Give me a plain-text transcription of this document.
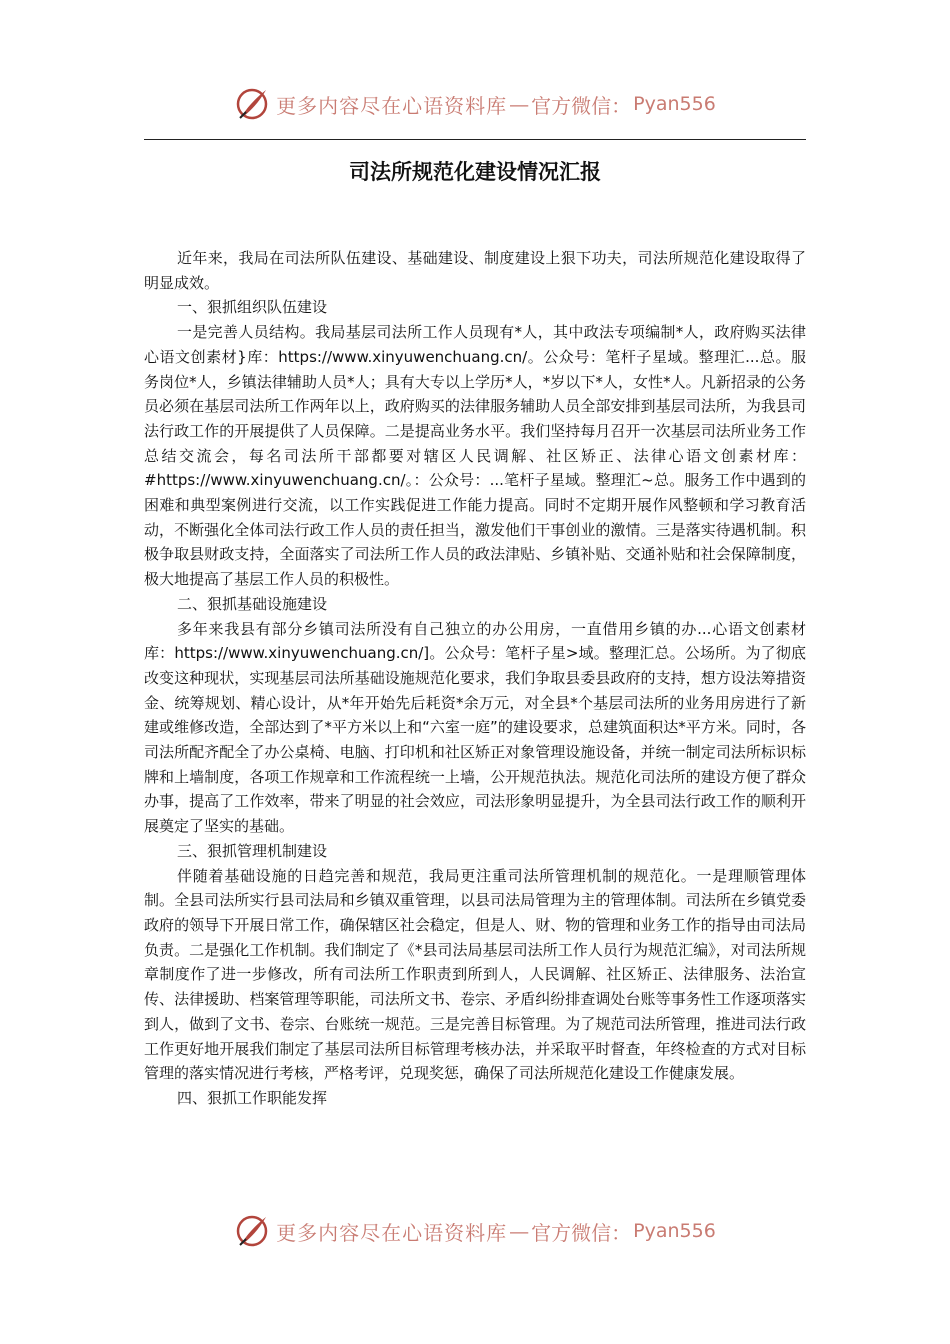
更多内容尽在心语资料库 — 官方微信： Pyan556
司法所规范化建设情况汇报

近年来，我局在司法所队伍建设、基础建设、制度建设上狠下功夫，司法所规范化建设取得了明显成效。

一、狠抓组织队伍建设

一是完善人员结构。我局基层司法所工作人员现有*人，其中政法专项编制*人，政府购买法律心语文创素材}库：https://www.xinyuwenchuang.cn/。公众号：笔杆子星域。整理汇...总。服务岗位*人，乡镇法律辅助人员*人；具有大专以上学历*人，*岁以下*人，女性*人。凡新招录的公务员必须在基层司法所工作两年以上，政府购买的法律服务辅助人员全部安排到基层司法所，为我县司法行政工作的开展提供了人员保障。二是提高业务水平。我们坚持每月召开一次基层司法所业务工作总结交流会，每名司法所干部都要对辖区人民调解、社区矫正、法律心语文创素材库：#https://www.xinyuwenchuang.cn/。：公众号：...笔杆子星域。整理汇~总。服务工作中遇到的困难和典型案例进行交流，以工作实践促进工作能力提高。同时不定期开展作风整顿和学习教育活动，不断强化全体司法行政工作人员的责任担当，激发他们干事创业的激情。三是落实待遇机制。积极争取县财政支持，全面落实了司法所工作人员的政法津贴、乡镇补贴、交通补贴和社会保障制度，极大地提高了基层工作人员的积极性。

二、狠抓基础设施建设

多年来我县有部分乡镇司法所没有自己独立的办公用房，一直借用乡镇的办...心语文创素材库：https://www.xinyuwenchuang.cn/]。公众号：笔杆子星>域。整理汇总。公场所。为了彻底改变这种现状，实现基层司法所基础设施规范化要求，我们争取县委县政府的支持，想方设法筹措资金、统筹规划、精心设计，从*年开始先后耗资*余万元，对全县*个基层司法所的业务用房进行了新建或维修改造，全部达到了*平方米以上和“六室一庭”的建设要求，总建筑面积达*平方米。同时，各司法所配齐配全了办公桌椅、电脑、打印机和社区矫正对象管理设施设备，并统一制定司法所标识标牌和上墙制度，各项工作规章和工作流程统一上墙，公开规范执法。规范化司法所的建设方便了群众办事，提高了工作效率，带来了明显的社会效应，司法形象明显提升，为全县司法行政工作的顺利开展奠定了坚实的基础。

三、狠抓管理机制建设

伴随着基础设施的日趋完善和规范，我局更注重司法所管理机制的规范化。一是理顺管理体制。全县司法所实行县司法局和乡镇双重管理，以县司法局管理为主的管理体制。司法所在乡镇党委政府的领导下开展日常工作，确保辖区社会稳定，但是人、财、物的管理和业务工作的指导由司法局负责。二是强化工作机制。我们制定了《*县司法局基层司法所工作人员行为规范汇编》，对司法所规章制度作了进一步修改，所有司法所工作职责到所到人，人民调解、社区矫正、法律服务、法治宣传、法律援助、档案管理等职能，司法所文书、卷宗、矛盾纠纷排查调处台账等事务性工作逐项落实到人，做到了文书、卷宗、台账统一规范。三是完善目标管理。为了规范司法所管理，推进司法行政工作更好地开展我们制定了基层司法所目标管理考核办法，并采取平时督查，年终检查的方式对目标管理的落实情况进行考核，严格考评，兑现奖惩，确保了司法所规范化建设工作健康发展。

四、狠抓工作职能发挥

更多内容尽在心语资料库 — 官方微信： Pyan556
